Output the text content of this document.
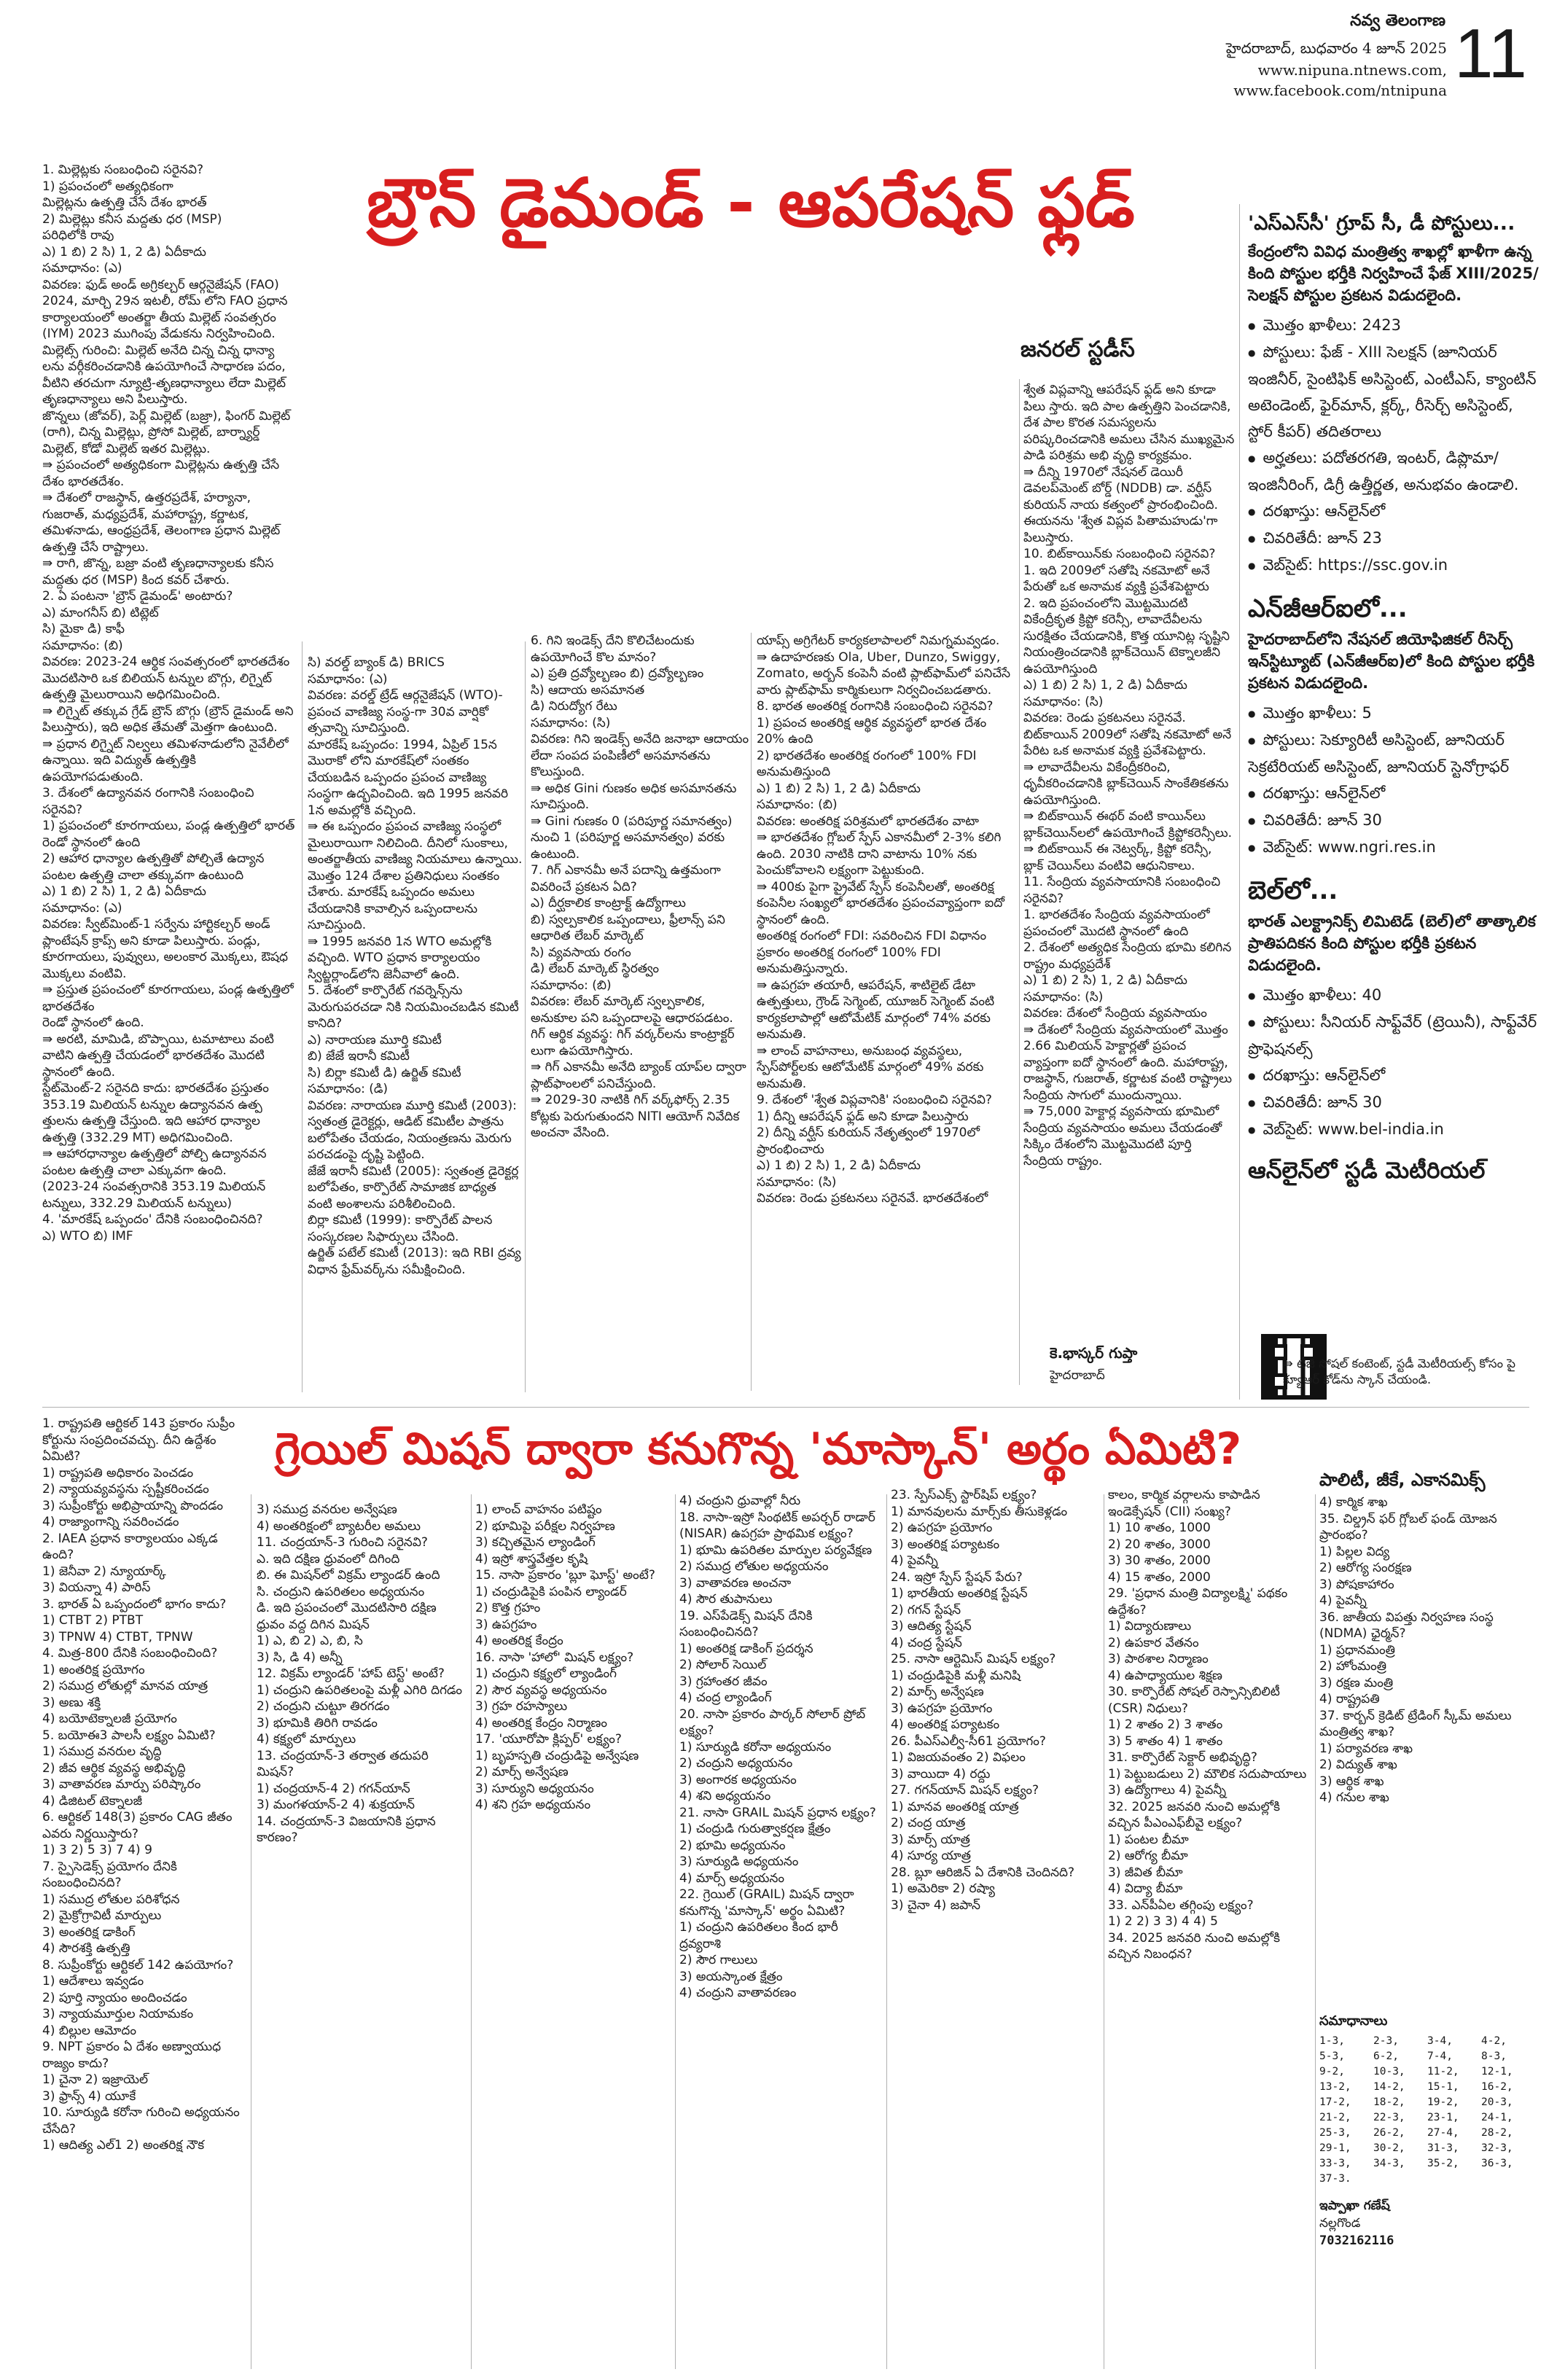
నవ్వ తెలంగాణ
హైదరాబాద్, బుధవారం 4 జూన్ 2025
www.nipuna.ntnews.com,
www.facebook.com/ntnipuna 11
బ్రౌన్ డైమండ్ - ఆపరేషన్ ఫ్లడ్
జనరల్ స్టడీస్
1. మిల్లెట్లకు సంబంధించి సరైనవి?
1) ప్రపంచంలో అత్యధికంగా
మిల్లెట్లను ఉత్పత్తి చేసే దేశం భారత్
2) మిల్లెట్లు కనీస మద్దతు ధర (MSP)
పరిధిలోకి రావు
ఎ) 1 బి) 2 సి) 1, 2 డి) ఏదీకాదు
సమాధానం: (ఎ)
వివరణ: ఫుడ్ అండ్ అగ్రికల్చర్ ఆర్గనైజేషన్ (FAO) 2024, మార్చి 29న ఇటలీ, రోమ్ లోని FAO ప్రధాన కార్యాలయంలో అంతర్జా తీయ మిల్లెట్ సంవత్సరం (IYM) 2023 ముగింపు వేడుకను నిర్వహించింది.
మిల్లెట్స్ గురించి: మిల్లెట్ అనేది చిన్న చిన్న ధాన్యా లను వర్గీకరించడానికి ఉపయోగించే సాధారణ పదం, వీటిని తరచుగా న్యూట్రి-తృణధాన్యాలు లేదా మిల్లెట్ తృణధాన్యాలు అని పిలుస్తారు.
జొన్నలు (జోవర్), పెర్ల్ మిల్లెట్ (బజ్రా), ఫింగర్ మిల్లెట్ (రాగి), చిన్న మిల్లెట్లు, ప్రోసో మిల్లెట్, బార్న్యార్డ్ మిల్లెట్, కోడో మిల్లెట్ ఇతర మిల్లెట్లు.
⇛ ప్రపంచంలో అత్యధికంగా మిల్లెట్లను ఉత్పత్తి చేసే దేశం భారతదేశం.
⇛ దేశంలో రాజస్థాన్, ఉత్తరప్రదేశ్, హర్యానా, గుజరాత్, మధ్యప్రదేశ్, మహారాష్ట్ర, కర్ణాటక, తమిళనాడు, ఆంధ్రప్రదేశ్, తెలంగాణ ప్రధాన మిల్లెట్ ఉత్పత్తి చేసే రాష్ట్రాలు.
⇛ రాగి, జొన్న, బజ్రా వంటి తృణధాన్యాలకు కనీస మద్దతు ధర (MSP) కింద కవర్ చేశారు.
2. ఏ పంటనా 'బ్రౌన్ డైమండ్' అంటారు?
ఎ) మాంగనీస్ బి) టిట్లెట్
సి) మైకా డి) కాఫీ
సమాధానం: (బి)
వివరణ: 2023-24 ఆర్థిక సంవత్సరంలో భారతదేశం మొదటిసారి ఒక బిలియన్ టన్నుల బొగ్గు, లిగ్నైట్ ఉత్పత్తి మైలురాయిని అధిగమించింది.
⇛ లిగ్నైట్ తక్కువ గ్రేడ్ బ్రౌన్ బొగ్గు (బ్రౌన్ డైమండ్ అని పిలుస్తారు), ఇది అధిక తేమతో మెత్తగా ఉంటుంది.
⇛ ప్రధాన లిగ్నైట్ నిల్వలు తమిళనాడులోని నైవేలీలో ఉన్నాయి. ఇది విద్యుత్ ఉత్పత్తికి ఉపయోగపడుతుంది.
3. దేశంలో ఉద్యానవన రంగానికి సంబంధించి సరైనవి?
1) ప్రపంచంలో కూరగాయలు, పండ్ల ఉత్పత్తిలో భారత్ రెండో స్థానంలో ఉంది
2) ఆహార ధాన్యాల ఉత్పత్తితో పోల్చితే ఉద్యాన పంటల ఉత్పత్తి చాలా తక్కువగా ఉంటుంది
ఎ) 1 బి) 2 సి) 1, 2 డి) ఏదీకాదు
సమాధానం: (ఎ)
వివరణ: స్వీట్‌మింట్-1 సర్వేను హార్టికల్చర్ అండ్ ప్లాంటేషన్ క్రాప్స్ అని కూడా పిలుస్తారు. పండ్లు, కూరగాయలు, పువ్వులు, అలంకార మొక్కలు, ఔషధ మొక్కలు వంటివి.
⇛ ప్రస్తుత ప్రపంచంలో కూరగాయలు, పండ్ల ఉత్పత్తిలో భారతదేశం
రెండో స్థానంలో ఉంది.
⇛ అరటి, మామిడి, బొప్పాయి, టమాటాలు వంటి వాటిని ఉత్పత్తి చేయడంలో భారతదేశం మొదటి స్థానంలో ఉంది.
స్టేట్‌మెంట్-2 సరైనది కాదు: భారతదేశం ప్రస్తుతం 353.19 మిలియన్ టన్నుల ఉద్యానవన ఉత్ప త్తులను ఉత్పత్తి చేస్తుంది. ఇది ఆహార ధాన్యాల ఉత్పత్తి (332.29 MT) అధిగమించింది.
⇛ ఆహారధాన్యాల ఉత్పత్తిలో పోల్చి ఉద్యానవన పంటల ఉత్పత్తి చాలా ఎక్కువగా ఉంది.
(2023-24 సంవత్సరానికి 353.19 మిలియన్ టన్నులు, 332.29 మిలియన్ టన్నులు)
4. 'మారకేష్ ఒప్పందం' దేనికి సంబంధించినది?
ఎ) WTO బి) IMF
సి) వరల్డ్ బ్యాంక్ డి) BRICS
సమాధానం: (ఎ)
వివరణ: వరల్డ్ ట్రేడ్ ఆర్గనైజేషన్ (WTO)- ప్రపంచ వాణిజ్య సంస్థ-గా 30వ వార్షికో త్సవాన్ని సూచిస్తుంది.
మారకేష్ ఒప్పందం: 1994, ఏప్రిల్ 15న మొరాకో లోని మారకేష్‌లో సంతకం చేయబడిన ఒప్పందం ప్రపంచ వాణిజ్య సంస్థగా ఉద్భవించింది. ఇది 1995 జనవరి 1న అమల్లోకి వచ్చింది.
⇛ ఈ ఒప్పందం ప్రపంచ వాణిజ్య సంస్థలో మైలురాయిగా నిలిచింది. దీనిలో సుంకాలు, అంతర్జాతీయ వాణిజ్య నియమాలు ఉన్నాయి.
మొత్తం 124 దేశాల ప్రతినిధులు సంతకం చేశారు. మారకేష్ ఒప్పందం అమలు చేయడానికి కావాల్సిన ఒప్పందాలను సూచిస్తుంది.
⇛ 1995 జనవరి 1న WTO అమల్లోకి వచ్చింది. WTO ప్రధాన కార్యాలయం స్విట్జర్లాండ్‌లోని జెనీవాలో ఉంది.
5. దేశంలో కార్పొరేట్ గవర్నెన్స్‌ను మెరుగుపరచడా నికి నియమించబడిన కమిటీ కానిది?
ఎ) నారాయణ మూర్తి కమిటీ
బి) జేజే ఇరానీ కమిటీ
సి) బిర్లా కమిటీ డి) ఉర్జిత్ కమిటీ
సమాధానం: (డి)
వివరణ: నారాయణ మూర్తి కమిటీ (2003): స్వతంత్ర డైరెక్టర్లు, ఆడిట్ కమిటీల పాత్రను బలోపేతం చేయడం, నియంత్రణను మెరుగు పరచడంపై దృష్టి పెట్టింది.
జేజే ఇరానీ కమిటీ (2005): స్వతంత్ర డైరెక్టర్ల బలోపేతం, కార్పొరేట్ సామాజిక బాధ్యత వంటి అంశాలను పరిశీలించింది.
బిర్లా కమిటీ (1999): కార్పొరేట్ పాలన సంస్కరణల సిఫార్సులు చేసింది.
ఉర్జిత్ పటేల్ కమిటీ (2013): ఇది RBI ద్రవ్య విధాన ఫ్రేమ్‌వర్క్‌ను సమీక్షించింది.
6. గిని ఇండెక్స్ దేని కొలిచేటందుకు ఉపయోగించే కొల మానం?
ఎ) ప్రతి ద్రవ్యోల్బణం బి) ద్రవ్యోల్బణం
సి) ఆదాయ అసమానత
డి) నిరుద్యోగ రేటు
సమాధానం: (సి)
వివరణ: గిని ఇండెక్స్ అనేది జనాభా ఆదాయం లేదా సంపద పంపిణీలో అసమానతను కొలుస్తుంది.
⇛ అధిక Gini గుణకం అధిక అసమానతను సూచిస్తుంది.
⇛ Gini గుణకం 0 (పరిపూర్ణ సమానత్వం) నుంచి 1 (పరిపూర్ణ అసమానత్వం) వరకు ఉంటుంది.
7. గిగ్ ఎకానమీ అనే పదాన్ని ఉత్తమంగా వివరించే ప్రకటన ఏది?
ఎ) దీర్ఘకాలిక కాంట్రాక్ట్ ఉద్యోగాలు
బి) స్వల్పకాలిక ఒప్పందాలు, ఫ్రీలాన్స్ పని ఆధారిత లేబర్ మార్కెట్
సి) వ్యవసాయ రంగం
డి) లేబర్ మార్కెట్ స్థిరత్వం
సమాధానం: (బి)
వివరణ: లేబర్ మార్కెట్ స్వల్పకాలిక, అనుకూల పని ఒప్పందాలపై ఆధారపడటం.
గిగ్ ఆర్థిక వ్యవస్థ: గిగ్ వర్కర్‌లను కాంట్రాక్టర్ లుగా ఉపయోగిస్తారు.
⇛ గిగ్ ఎకానమీ అనేది బ్యాంక్ యాప్‌ల ద్వారా ప్లాట్‌ఫాంలలో పనిచేస్తుంది.
⇛ 2029-30 నాటికి గిగ్ వర్క్‌ఫోర్స్ 2.35 కోట్లకు పెరుగుతుందని NITI ఆయోగ్ నివేదిక అంచనా వేసింది.
యాప్స్ అగ్రిగేటర్ కార్యకలాపాలలో నిమగ్నమవ్వడం.
⇛ ఉదాహరణకు Ola, Uber, Dunzo, Swiggy, Zomato, అర్బన్ కంపెనీ వంటి ప్లాట్‌ఫామ్‌లో పనిచేసే వారు ప్లాట్‌ఫామ్ కార్మికులుగా నిర్వచించబడతారు.
8. భారత అంతరిక్ష రంగానికి సంబంధించి సరైనవి?
1) ప్రపంచ అంతరిక్ష ఆర్థిక వ్యవస్థలో భారత దేశం 20% ఉంది
2) భారతదేశం అంతరిక్ష రంగంలో 100% FDI అనుమతిస్తుంది
ఎ) 1 బి) 2 సి) 1, 2 డి) ఏదీకాదు
సమాధానం: (బి)
వివరణ: అంతరిక్ష పరిశ్రమలో భారతదేశం వాటా
⇛ భారతదేశం గ్లోబల్ స్పేస్ ఎకానమీలో 2-3% కలిగి ఉంది. 2030 నాటికి దాని వాటాను 10% నకు పెంచుకోవాలని లక్ష్యంగా పెట్టుకుంది.
⇛ 400కు పైగా ప్రైవేట్ స్పేస్ కంపెనీలతో, అంతరిక్ష కంపెనీల సంఖ్యలో భారతదేశం ప్రపంచవ్యాప్తంగా ఐదో స్థానంలో ఉంది.
అంతరిక్ష రంగంలో FDI: సవరించిన FDI విధానం ప్రకారం అంతరిక్ష రంగంలో 100% FDI అనుమతిస్తున్నారు.
⇛ ఉపగ్రహ తయారీ, ఆపరేషన్, శాటిలైట్ డేటా ఉత్పత్తులు, గ్రౌండ్ సెగ్మెంట్, యూజర్ సెగ్మెంట్ వంటి కార్యకలాపాల్లో ఆటోమేటిక్ మార్గంలో 74% వరకు అనుమతి.
⇛ లాంచ్ వాహనాలు, అనుబంధ వ్యవస్థలు, స్పేస్‌పోర్ట్‌లకు ఆటోమేటిక్ మార్గంలో 49% వరకు అనుమతి.
9. దేశంలో 'శ్వేత విప్లవానికి' సంబంధించి సరైనవి?
1) దీన్ని ఆపరేషన్ ఫ్లడ్ అని కూడా పిలుస్తారు
2) దీన్ని వర్ఘీస్ కురియన్ నేతృత్వంలో 1970లో ప్రారంభించారు
ఎ) 1 బి) 2 సి) 1, 2 డి) ఏదీకాదు
సమాధానం: (సి)
వివరణ: రెండు ప్రకటనలు సరైనవే. భారతదేశంలో
శ్వేత విప్లవాన్ని ఆపరేషన్ ఫ్లడ్ అని కూడా పిలు స్తారు. ఇది పాల ఉత్పత్తిని పెంచడానికి, దేశ పాల కొరత సమస్యలను పరిష్కరించడానికి అమలు చేసిన ముఖ్యమైన పాడి పరిశ్రమ అభి వృద్ధి కార్యక్రమం.
⇛ దీన్ని 1970లో నేషనల్ డెయిరీ డెవలప్‌మెంట్ బోర్డ్ (NDDB) డా. వర్ఘీస్ కురియన్ నాయ కత్వంలో ప్రారంభించింది. ఈయనను 'శ్వేత విప్లవ పితామహుడు'గా పిలుస్తారు.
10. బిట్‌కాయిన్‌కు సంబంధించి సరైనవి?
1. ఇది 2009లో సతోషి నకమోటో అనే పేరుతో ఒక అనామక వ్యక్తి ప్రవేశపెట్టారు
2. ఇది ప్రపంచంలోని మొట్టమొదటి వికేంద్రీకృత క్రిప్టో కరెన్సీ, లావాదేవీలను సురక్షితం చేయడానికి, కొత్త యూనిట్ల సృష్టిని నియంత్రించడానికి బ్లాక్‌చెయిన్ టెక్నాలజీని ఉపయోగిస్తుంది
ఎ) 1 బి) 2 సి) 1, 2 డి) ఏదీకాదు
సమాధానం: (సి)
వివరణ: రెండు ప్రకటనలు సరైనవే. బిట్‌కాయిన్ 2009లో సతోషి నకమోటో అనే పేరిట ఒక అనామక వ్యక్తి ప్రవేశపెట్టారు.
⇛ లావాదేవీలను వికేంద్రీకరించి, ధృవీకరించడానికి బ్లాక్‌చెయిన్ సాంకేతికతను ఉపయోగిస్తుంది.
⇛ బిట్‌కాయిన్ ఈథర్ వంటి కాయిన్‌లు బ్లాక్‌చెయిన్‌లలో ఉపయోగించే క్రిప్టోకరెన్సీలు.
⇛ బిట్‌కాయిన్ ఈ నెట్వర్క్, క్రిప్టో కరెన్సీ, బ్లాక్ చెయిన్‌లు వంటివి ఆధునికాలు.
11. సేంద్రియ వ్యవసాయానికి సంబంధించి సరైనవి?
1. భారతదేశం సేంద్రియ వ్యవసాయంలో ప్రపంచంలో మొదటి స్థానంలో ఉంది
2. దేశంలో అత్యధిక సేంద్రియ భూమి కలిగిన రాష్ట్రం మధ్యప్రదేశ్
ఎ) 1 బి) 2 సి) 1, 2 డి) ఏదీకాదు
సమాధానం: (సి)
వివరణ: దేశంలో సేంద్రియ వ్యవసాయం
⇛ దేశంలో సేంద్రియ వ్యవసాయంలో మొత్తం 2.66 మిలియన్ హెక్టార్లతో ప్రపంచ వ్యాప్తంగా ఐదో స్థానంలో ఉంది. మహారాష్ట్ర, రాజస్థాన్, గుజరాత్, కర్ణాటక వంటి రాష్ట్రాలు సేంద్రియ సాగులో ముందున్నాయి.
⇛ 75,000 హెక్టార్ల వ్యవసాయ భూమిలో సేంద్రియ వ్యవసాయం అమలు చేయడంతో సిక్కిం దేశంలోని మొట్టమొదటి పూర్తి సేంద్రియ రాష్ట్రం.
కె.భాస్కర్ గుప్తా
హైదరాబాద్
'ఎస్ఎస్‌సీ' గ్రూప్ సీ, డీ పోస్టులు...
కేంద్రంలోని వివిధ మంత్రిత్వ శాఖల్లో ఖాళీగా ఉన్న కింది పోస్టుల భర్తీకి నిర్వహించే ఫేజ్ XIII/2025/సెలక్షన్ పోస్టుల ప్రకటన విడుదలైంది.
● మొత్తం ఖాళీలు: 2423
● పోస్టులు: ఫేజ్ - XIII సెలక్షన్ (జూనియర్ ఇంజినీర్, సైంటిఫిక్ అసిస్టెంట్, ఎంటీఎస్, క్యాంటిన్ అటెండెంట్, ఫైర్‌మాన్, క్లర్క్, రీసెర్చ్ అసిస్టెంట్, స్టోర్ కీపర్) తదితరాలు
● అర్హతలు: పదోతరగతి, ఇంటర్, డిప్లొమా/ఇంజినీరింగ్, డిగ్రీ ఉత్తీర్ణత, అనుభవం ఉండాలి.
● దరఖాస్తు: ఆన్‌లైన్‌లో
● చివరితేదీ: జూన్ 23
● వెబ్‌సైట్: https://ssc.gov.in
ఎన్‌జీఆర్ఐలో...
హైదరాబాద్‌లోని నేషనల్ జియోఫిజికల్ రీసెర్చ్ ఇన్‌స్టిట్యూట్ (ఎన్‌జీఆర్ఐ)లో కింది పోస్టుల భర్తీకి ప్రకటన విడుదలైంది.
● మొత్తం ఖాళీలు: 5
● పోస్టులు: సెక్యూరిటీ అసిస్టెంట్, జూనియర్ సెక్రటేరియట్ అసిస్టెంట్, జూనియర్ స్టెనోగ్రాఫర్
● దరఖాస్తు: ఆన్‌లైన్‌లో
● చివరితేదీ: జూన్ 30
● వెబ్‌సైట్: www.ngri.res.in
బెల్‌లో...
భారత్ ఎలక్ట్రానిక్స్ లిమిటెడ్ (బెల్)లో తాత్కాలిక ప్రాతిపదికన కింది పోస్టుల భర్తీకి ప్రకటన విడుదలైంది.
● మొత్తం ఖాళీలు: 40
● పోస్టులు: సీనియర్ సాఫ్ట్‌వేర్ (ట్రెయినీ), సాఫ్ట్‌వేర్ ప్రొఫెషనల్స్
● దరఖాస్తు: ఆన్‌లైన్‌లో
● చివరితేదీ: జూన్ 30
● వెబ్‌సైట్: www.bel-india.in
ఆన్‌లైన్‌లో స్టడీ మెటీరియల్
⇛ టీజీ సోషల్ కంటెంట్, స్టడీ మెటీరియల్స్ కోసం పై క్యూఆర్ కోడ్‌ను స్కాన్ చేయండి.
గ్రెయిల్ మిషన్ ద్వారా కనుగొన్న 'మాస్కాన్' అర్థం ఏమిటి?
పాలిటీ, జీకే, ఎకానమిక్స్
1. రాష్ట్రపతి ఆర్టికల్ 143 ప్రకారం సుప్రీం కోర్టును సంప్రదించవచ్చు. దీని ఉద్దేశం ఏమిటి?
1) రాష్ట్రపతి అధికారం పెంచడం
2) న్యాయవ్యవస్థను స్పష్టీకరించడం
3) సుప్రీంకోర్టు అభిప్రాయాన్ని పొందడం
4) రాజ్యాంగాన్ని సవరించడం
2. IAEA ప్రధాన కార్యాలయం ఎక్కడ ఉంది?
1) జెనీవా 2) న్యూయార్క్
3) వియన్నా 4) పారిస్
3. భారత్ ఏ ఒప్పందంలో భాగం కాదు?
1) CTBT 2) PTBT
3) TPNW 4) CTBT, TPNW
4. మిత్ర-800 దేనికి సంబంధించింది?
1) అంతరిక్ష ప్రయోగం
2) సముద్ర లోతుల్లో మానవ యాత్ర
3) అణు శక్తి
4) బయోటెక్నాలజీ ప్రయోగం
5. బయోఈ3 పాలసీ లక్ష్యం ఏమిటి?
1) సముద్ర వనరుల వృద్ధి
2) జీవ ఆర్థిక వ్యవస్థ అభివృద్ధి
3) వాతావరణ మార్పు పరిష్కారం
4) డిజిటల్ టెక్నాలజీ
6. ఆర్టికల్ 148(3) ప్రకారం CAG జీతం ఎవరు నిర్ణయిస్తారు?
1) 3 2) 5 3) 7 4) 9
7. స్పైసెడెక్స్ ప్రయోగం దేనికి సంబంధించినది?
1) సముద్ర లోతుల పరిశోధన
2) మైక్రోగ్రావిటీ మార్పులు
3) అంతరిక్ష డాకింగ్
4) సౌరశక్తి ఉత్పత్తి
8. సుప్రీంకోర్టు ఆర్టికల్ 142 ఉపయోగం?
1) ఆదేశాలు ఇవ్వడం
2) పూర్తి న్యాయం అందించడం
3) న్యాయమూర్తుల నియామకం
4) బిల్లుల ఆమోదం
9. NPT ప్రకారం ఏ దేశం అణ్వాయుధ రాజ్యం కాదు?
1) చైనా 2) ఇజ్రాయెల్
3) ఫ్రాన్స్ 4) యూకే
10. సూర్యుడి కరోనా గురించి అధ్యయనం చేసేది?
1) ఆదిత్య ఎల్1 2) అంతరిక్ష నౌక
3) సముద్ర వనరుల అన్వేషణ
4) అంతరిక్షంలో బ్యాటరీల అమలు
11. చంద్రయాన్-3 గురించి సరైనవి?
ఎ. ఇది దక్షిణ ధ్రువంలో దిగింది
బి. ఈ మిషన్‌లో విక్రమ్ ల్యాండర్ ఉంది
సి. చంద్రుని ఉపరితలం అధ్యయనం
డి. ఇది ప్రపంచంలో మొదటిసారి దక్షిణ ధ్రువం వద్ద దిగిన మిషన్
1) ఎ, బి 2) ఎ, బి, సి
3) సి, డి 4) అన్నీ
12. విక్రమ్ ల్యాండర్ 'హాప్ టెస్ట్' అంటే?
1) చంద్రుని ఉపరితలంపై మళ్లీ ఎగిరి దిగడం
2) చంద్రుని చుట్టూ తిరగడం
3) భూమికి తిరిగి రావడం
4) కక్ష్యలో మార్పులు
13. చంద్రయాన్-3 తర్వాత తదుపరి మిషన్?
1) చంద్రయాన్-4 2) గగన్‌యాన్
3) మంగళయాన్-2 4) శుక్రయాన్
14. చంద్రయాన్-3 విజయానికి ప్రధాన కారణం?
1) లాంచ్ వాహనం పటిష్టం
2) భూమిపై పరీక్షల నిర్వహణ
3) కచ్చితమైన ల్యాండింగ్
4) ఇస్రో శాస్త్రవేత్తల కృషి
15. నాసా ప్రకారం 'బ్లూ ఘోస్ట్' అంటే?
1) చంద్రుడిపైకి పంపిన ల్యాండర్
2) కొత్త గ్రహం
3) ఉపగ్రహం
4) అంతరిక్ష కేంద్రం
16. నాసా 'హాలో' మిషన్ లక్ష్యం?
1) చంద్రుని కక్ష్యలో ల్యాండింగ్
2) సౌర వ్యవస్థ అధ్యయనం
3) గ్రహ రహస్యాలు
4) అంతరిక్ష కేంద్రం నిర్మాణం
17. 'యూరోపా క్లిప్పర్' లక్ష్యం?
1) బృహస్పతి చంద్రుడిపై అన్వేషణ
2) మార్స్ అన్వేషణ
3) సూర్యుని అధ్యయనం
4) శని గ్రహ అధ్యయనం
4) చంద్రుని ధ్రువాల్లో నీరు
18. నాసా-ఇస్రో సింథటిక్ అపర్చర్ రాడార్ (NISAR) ఉపగ్రహ ప్రాథమిక లక్ష్యం?
1) భూమి ఉపరితల మార్పుల పర్యవేక్షణ
2) సముద్ర లోతుల అధ్యయనం
3) వాతావరణ అంచనా
4) సౌర తుపానులు
19. ఎస్‌పేడెక్స్ మిషన్ దేనికి సంబంధించినది?
1) అంతరిక్ష డాకింగ్ ప్రదర్శన
2) సోలార్ సెయిల్
3) గ్రహాంతర జీవం
4) చంద్ర ల్యాండింగ్
20. నాసా ప్రకారం పార్కర్ సోలార్ ప్రోబ్ లక్ష్యం?
1) సూర్యుడి కరోనా అధ్యయనం
2) చంద్రుని అధ్యయనం
3) అంగారక అధ్యయనం
4) శని అధ్యయనం
21. నాసా GRAIL మిషన్ ప్రధాన లక్ష్యం?
1) చంద్రుడి గురుత్వాకర్షణ క్షేత్రం
2) భూమి అధ్యయనం
3) సూర్యుడి అధ్యయనం
4) మార్స్ అధ్యయనం
22. గ్రెయిల్ (GRAIL) మిషన్ ద్వారా కనుగొన్న 'మాస్కాన్' అర్థం ఏమిటి?
1) చంద్రుని ఉపరితలం కింద భారీ ద్రవ్యరాశి
2) సౌర గాలులు
3) అయస్కాంత క్షేత్రం
4) చంద్రుని వాతావరణం
23. స్పేస్‌ఎక్స్ స్టార్‌షిప్ లక్ష్యం?
1) మానవులను మార్స్‌కు తీసుకెళ్లడం
2) ఉపగ్రహ ప్రయోగం
3) అంతరిక్ష పర్యాటకం
4) పైవన్నీ
24. ఇస్రో స్పేస్ స్టేషన్ పేరు?
1) భారతీయ అంతరిక్ష స్టేషన్
2) గగన్ స్టేషన్
3) ఆదిత్య స్టేషన్
4) చంద్ర స్టేషన్
25. నాసా ఆర్టెమిస్ మిషన్ లక్ష్యం?
1) చంద్రుడిపైకి మళ్లీ మనిషి
2) మార్స్ అన్వేషణ
3) ఉపగ్రహ ప్రయోగం
4) అంతరిక్ష పర్యాటకం
26. పీఎస్ఎల్వీ-సీ61 ప్రయోగం?
1) విజయవంతం 2) విఫలం
3) వాయిదా 4) రద్దు
27. గగన్‌యాన్ మిషన్ లక్ష్యం?
1) మానవ అంతరిక్ష యాత్ర
2) చంద్ర యాత్ర
3) మార్స్ యాత్ర
4) సూర్య యాత్ర
28. బ్లూ ఆరిజిన్ ఏ దేశానికి చెందినది?
1) అమెరికా 2) రష్యా
3) చైనా 4) జపాన్
కాలం, కార్మిక వర్గాలను కాపాడిన ఇండెక్సేషన్ (CII) సంఖ్య?
1) 10 శాతం, 1000
2) 20 శాతం, 3000
3) 30 శాతం, 2000
4) 15 శాతం, 2000
29. 'ప్రధాన మంత్రి విద్యాలక్ష్మి' పథకం ఉద్దేశం?
1) విద్యారుణాలు
2) ఉపకార వేతనం
3) పాఠశాల నిర్మాణం
4) ఉపాధ్యాయుల శిక్షణ
30. కార్పొరేట్ సోషల్ రెస్పాన్సిబిలిటీ (CSR) నిధులు?
1) 2 శాతం 2) 3 శాతం
3) 5 శాతం 4) 1 శాతం
31. కార్పొరేట్ సెక్టార్ అభివృద్ధి?
1) పెట్టుబడులు 2) మౌలిక సదుపాయాలు
3) ఉద్యోగాలు 4) పైవన్నీ
32. 2025 జనవరి నుంచి అమల్లోకి వచ్చిన పీఎంఎఫ్‌బీవై లక్ష్యం?
1) పంటల బీమా
2) ఆరోగ్య బీమా
3) జీవిత బీమా
4) విద్యా బీమా
33. ఎన్‌పీఏల తగ్గింపు లక్ష్యం?
1) 2 2) 3 3) 4 4) 5
34. 2025 జనవరి నుంచి అమల్లోకి వచ్చిన నిబంధన?
4) కార్మిక శాఖ
35. చిల్డ్రన్ ఫర్ గ్లోబల్ ఫండ్ యోజన ప్రారంభం?
1) పిల్లల విద్య
2) ఆరోగ్య సంరక్షణ
3) పోషకాహారం
4) పైవన్నీ
36. జాతీయ విపత్తు నిర్వహణ సంస్థ (NDMA) ఛైర్మన్?
1) ప్రధానమంత్రి
2) హోంమంత్రి
3) రక్షణ మంత్రి
4) రాష్ట్రపతి
37. కార్బన్ క్రెడిట్ ట్రేడింగ్ స్కీమ్ అమలు మంత్రిత్వ శాఖ?
1) పర్యావరణ శాఖ
2) విద్యుత్ శాఖ
3) ఆర్థిక శాఖ
4) గనుల శాఖ
సమాధానాలు
1-3,	2-3,	3-4,	4-2,
5-3,	6-2,	7-4,	8-3,
9-2,	10-3,	11-2,	12-1,
13-2,	14-2,	15-1,	16-2,
17-2,	18-2,	19-2,	20-3,
21-2,	22-3,	23-1,	24-1,
25-3,	26-2,	27-4,	28-2,
29-1,	30-2,	31-3,	32-3,
33-3,	34-3,	35-2,	36-3,
37-3.
ఇప్పాఖా గణేష్
నల్లగొండ
7032162116
